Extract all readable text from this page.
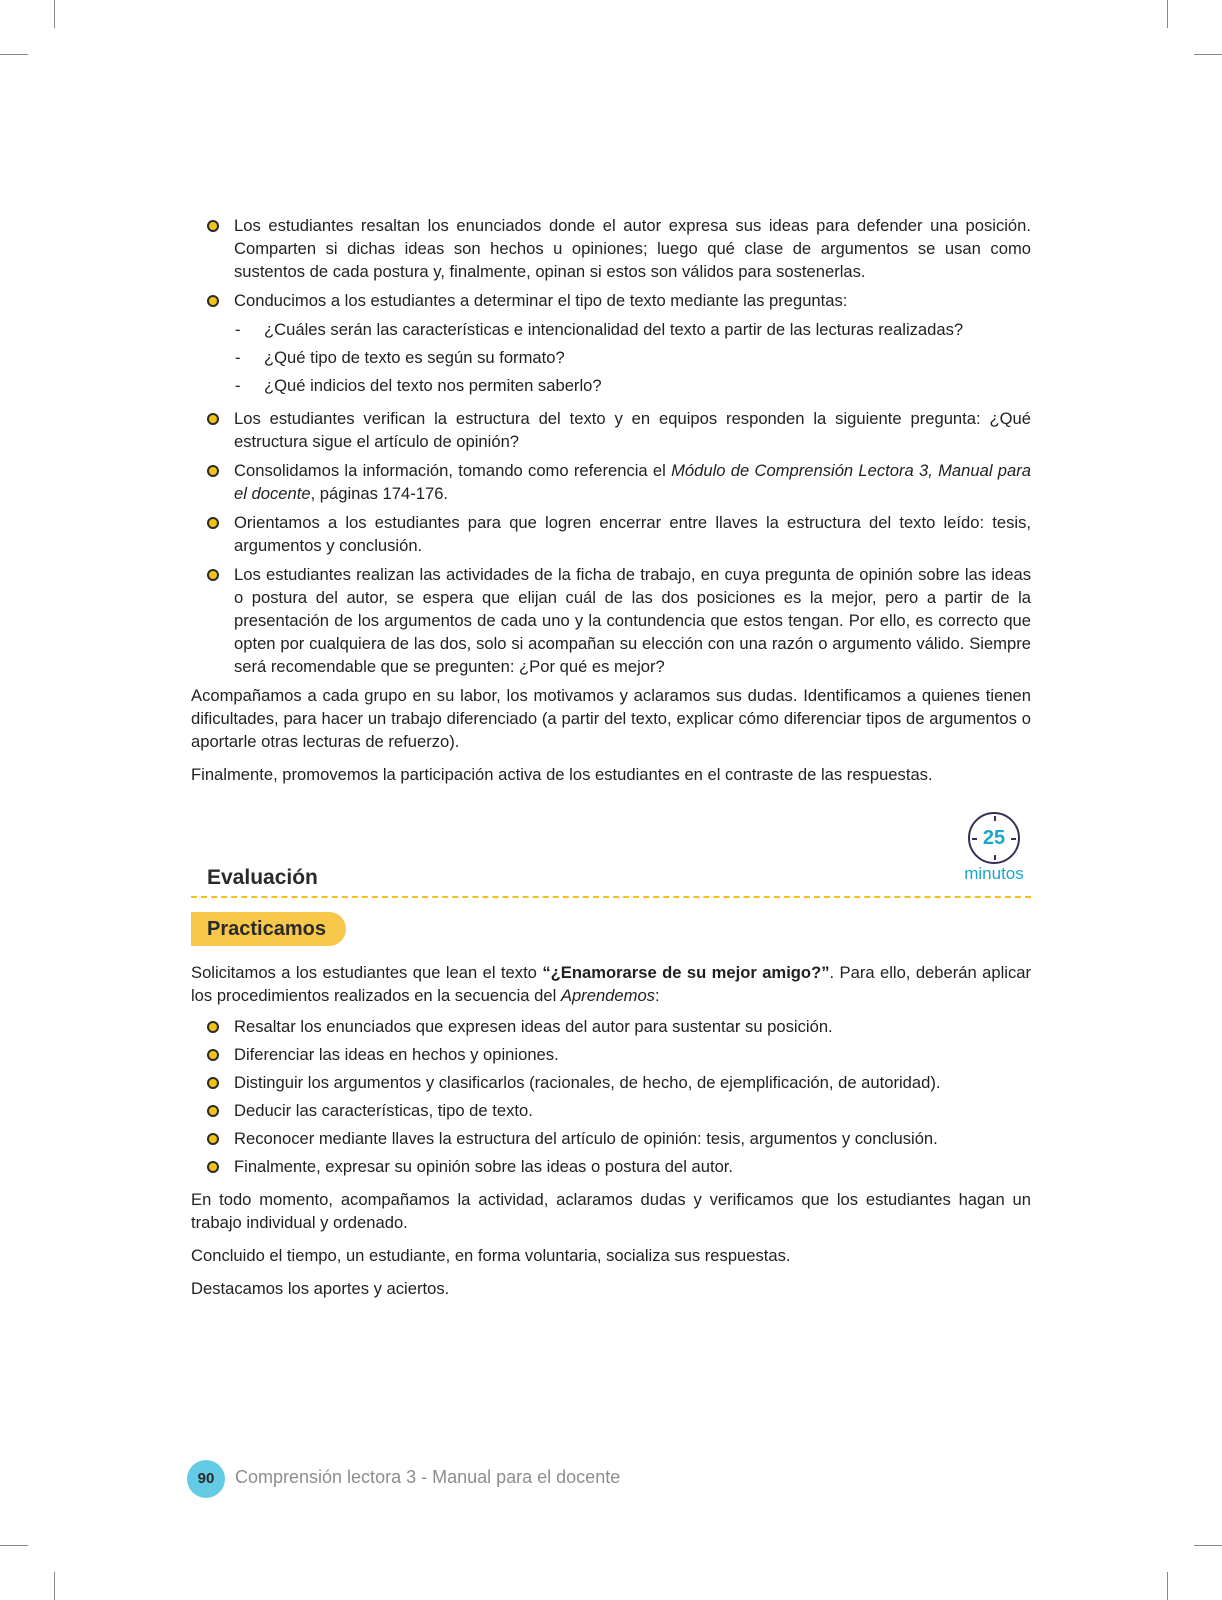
Los estudiantes resaltan los enunciados donde el autor expresa sus ideas para defender una posición. Comparten si dichas ideas son hechos u opiniones; luego qué clase de argumentos se usan como sustentos de cada postura y, finalmente, opinan si estos son válidos para sostenerlas.
Conducimos a los estudiantes a determinar el tipo de texto mediante las preguntas:
- ¿Cuáles serán las características e intencionalidad del texto a partir de las lecturas realizadas?
- ¿Qué tipo de texto es según su formato?
- ¿Qué indicios del texto nos permiten saberlo?
Los estudiantes verifican la estructura del texto y en equipos responden la siguiente pregunta: ¿Qué estructura sigue el artículo de opinión?
Consolidamos la información, tomando como referencia el Módulo de Comprensión Lectora 3, Manual para el docente, páginas 174-176.
Orientamos a los estudiantes para que logren encerrar entre llaves la estructura del texto leído: tesis, argumentos y conclusión.
Los estudiantes realizan las actividades de la ficha de trabajo, en cuya pregunta de opinión sobre las ideas o postura del autor, se espera que elijan cuál de las dos posiciones es la mejor, pero a partir de la presentación de los argumentos de cada uno y la contundencia que estos tengan. Por ello, es correcto que opten por cualquiera de las dos, solo si acompañan su elección con una razón o argumento válido. Siempre será recomendable que se pregunten: ¿Por qué es mejor?

Acompañamos a cada grupo en su labor, los motivamos y aclaramos sus dudas. Identificamos a quienes tienen dificultades, para hacer un trabajo diferenciado (a partir del texto, explicar cómo diferenciar tipos de argumentos o aportarle otras lecturas de refuerzo).

Finalmente, promovemos la participación activa de los estudiantes en el contraste de las respuestas.

25
minutos
Evaluación
Practicamos

Solicitamos a los estudiantes que lean el texto “¿Enamorarse de su mejor amigo?”. Para ello, deberán aplicar los procedimientos realizados en la secuencia del Aprendemos:

Resaltar los enunciados que expresen ideas del autor para sustentar su posición.
Diferenciar las ideas en hechos y opiniones.
Distinguir los argumentos y clasificarlos (racionales, de hecho, de ejemplificación, de autoridad).
Deducir las características, tipo de texto.
Reconocer mediante llaves la estructura del artículo de opinión: tesis, argumentos y conclusión.
Finalmente, expresar su opinión sobre las ideas o postura del autor.

En todo momento, acompañamos la actividad, aclaramos dudas y verificamos que los estudiantes hagan un trabajo individual y ordenado.

Concluido el tiempo, un estudiante, en forma voluntaria, socializa sus respuestas.

Destacamos los aportes y aciertos.

90	Comprensión lectora 3 - Manual para el docente
